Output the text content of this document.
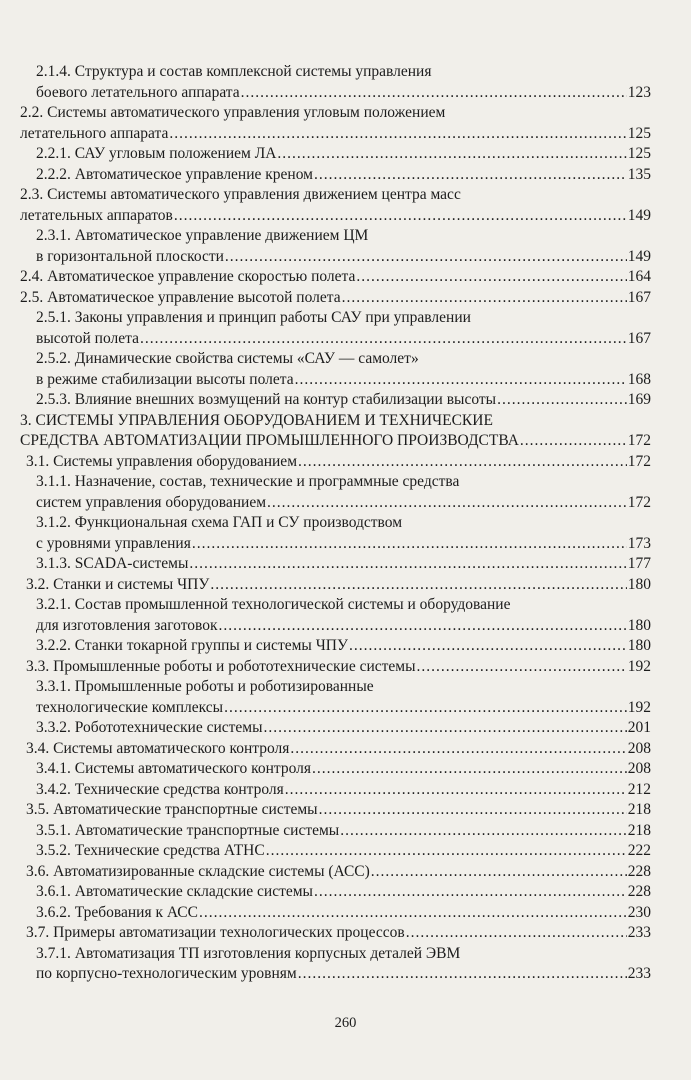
2.1.4. Структура и состав комплексной системы управления
боевого летательного аппарата .....	123
2.2. Системы автоматического управления угловым положением
летательного аппарата .....	125
2.2.1. САУ угловым положением ЛА .....	125
2.2.2. Автоматическое управление креном .....	135
2.3. Системы автоматического управления движением центра масс
летательных аппаратов .....	149
2.3.1. Автоматическое управление движением ЦМ
в горизонтальной плоскости .....	149
2.4. Автоматическое управление скоростью полета .....	164
2.5. Автоматическое управление высотой полета .....	167
2.5.1. Законы управления и принцип работы САУ при управлении
высотой полета .....	167
2.5.2. Динамические свойства системы «САУ — самолет»
в режиме стабилизации высоты полета .....	168
2.5.3. Влияние внешних возмущений на контур стабилизации высоты .....	169
3. СИСТЕМЫ УПРАВЛЕНИЯ ОБОРУДОВАНИЕМ И ТЕХНИЧЕСКИЕ
СРЕДСТВА АВТОМАТИЗАЦИИ ПРОМЫШЛЕННОГО ПРОИЗВОДСТВА .....	172
3.1. Системы управления оборудованием .....	172
3.1.1. Назначение, состав, технические и программные средства
систем управления оборудованием .....	172
3.1.2. Функциональная схема ГАП и СУ производством
с уровнями управления .....	173
3.1.3. SCADA-системы .....	177
3.2. Станки и системы ЧПУ .....	180
3.2.1. Состав промышленной технологической системы и оборудование
для изготовления заготовок .....	180
3.2.2. Станки токарной группы и системы ЧПУ .....	180
3.3. Промышленные роботы и робототехнические системы .....	192
3.3.1. Промышленные роботы и роботизированные
технологические комплексы .....	192
3.3.2. Робототехнические системы .....	201
3.4. Системы автоматического контроля .....	208
3.4.1. Системы автоматического контроля .....	208
3.4.2. Технические средства контроля .....	212
3.5. Автоматические транспортные системы .....	218
3.5.1. Автоматические транспортные системы .....	218
3.5.2. Технические средства АТНС .....	222
3.6. Автоматизированные складские системы (АСС) .....	228
3.6.1. Автоматические складские системы .....	228
3.6.2. Требования к АСС .....	230
3.7. Примеры автоматизации технологических процессов .....	233
3.7.1. Автоматизация ТП изготовления корпусных деталей ЭВМ
по корпусно-технологическим уровням .....	233
260
